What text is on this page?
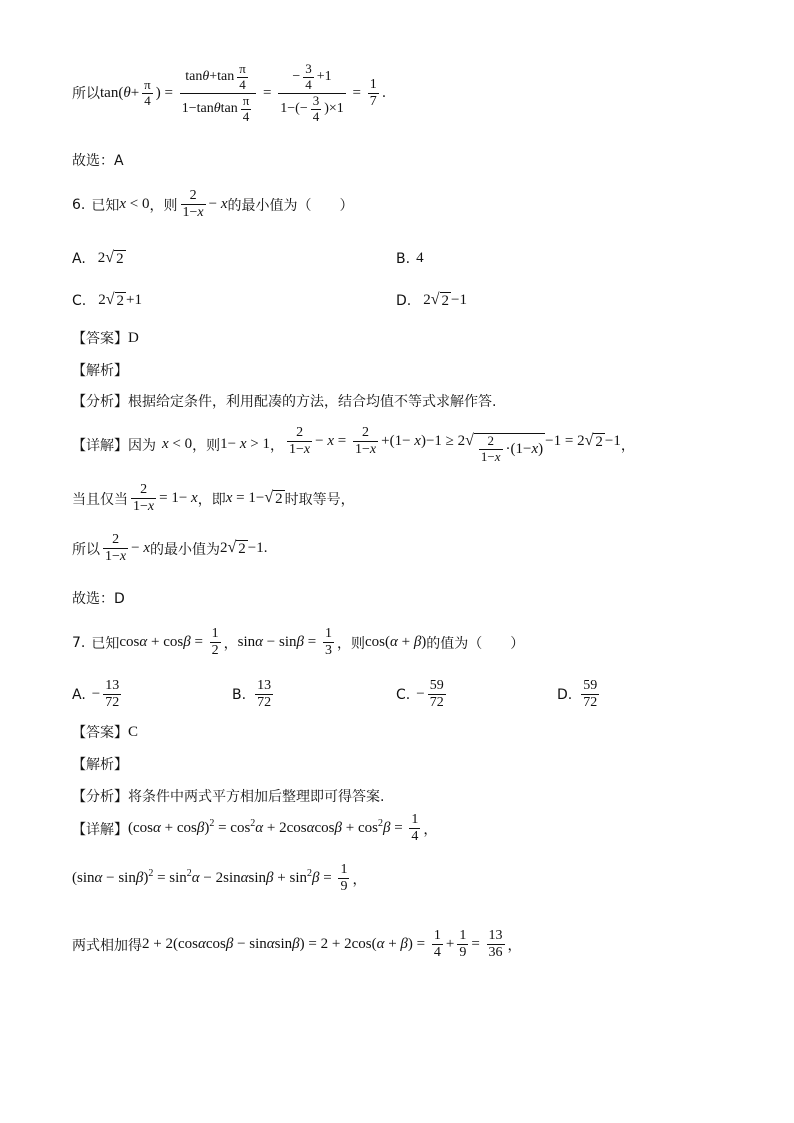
所以 $\tan(\theta+ \frac{\pi}{4}$ ) = $\frac{\tan \theta +\tan \frac{\pi}{4}}{1-\tan \theta \tan \frac{\pi}{4}} = \frac{- \frac{3}{4} +1}{1-(- \frac{3}{4} )\times 1} = \frac{1}{7}$ .
故选：A
6. 已知 x < 0 ，则 $\frac{2}{1- x} - x$ 的最小值为（　　）
A. 2 √ 2	B. 4
C. 2 √ 2 +1	D. 2 √ 2 −1
【答案】 D
【解析】
【分析】 根据给定条件，利用配凑的方法，结合均值不等式求解作答.
【详解】 因为 x < 0 ，则 1− x > 1 ， $\frac{2}{1- x} - x = \frac{2}{1- x} +(1- x)-1 \ge 2$ √ $\frac{2}{1- x} \cdot(1- x$ ) −1 = 2 √ 2 −1 ，
当且仅当 $\frac{2}{1- x} = 1- x$ ，即 x = 1− √ 2 时取等号，
所以 $\frac{2}{1- x} - x$ 的最小值为 2 √ 2 −1.
故选：D
7. 已知 $\cos\alpha + \cos\beta = \frac{1}{2}$ ， $\sin\alpha - \sin\beta = \frac{1}{3}$ ，则 cos(α + β) 的值为（　　）
A. − $\frac{13}{72}$	B. $\frac{13}{72}$	C. − $\frac{59}{72}$	D. $\frac{59}{72}$
【答案】 C
【解析】
【分析】 将条件中两式平方相加后整理即可得答案.
【详解】 $(\cos\alpha + \cos\beta)^2 = \cos^2\alpha + 2\cos\alpha\cos\beta + \cos^2\beta = \frac{1}{4}$ ，
$(\sin\alpha - \sin\beta)^2 = \sin^2\alpha - 2\sin\alpha\sin\beta + \sin^2\beta = \frac{1}{9}$ ，
两式相加得 $2 + 2(\cos\alpha\cos\beta - \sin\alpha\sin\beta) = 2 + 2\cos(\alpha + \beta) = \frac{1}{4} + \frac{1}{9} = \frac{13}{36}$ ，
